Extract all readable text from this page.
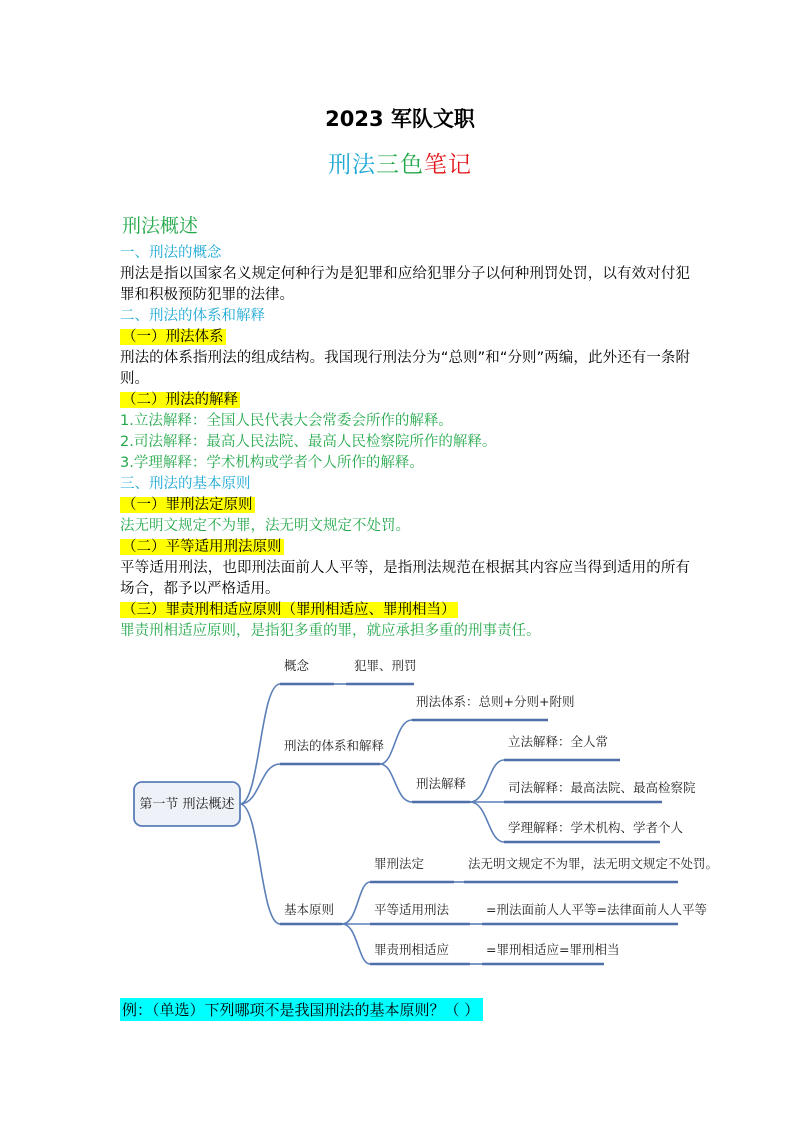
2023 军队文职
刑法三色笔记
刑法概述

一、刑法的概念

刑法是指以国家名义规定何种行为是犯罪和应给犯罪分子以何种刑罚处罚，以有效对付犯罪和积极预防犯罪的法律。

二、刑法的体系和解释

（一）刑法体系

刑法的体系指刑法的组成结构。我国现行刑法分为“总则”和“分则”两编，此外还有一条附则。

（二）刑法的解释

1.立法解释：全国人民代表大会常委会所作的解释。

2.司法解释：最高人民法院、最高人民检察院所作的解释。

3.学理解释：学术机构或学者个人所作的解释。

三、刑法的基本原则

（一）罪刑法定原则

法无明文规定不为罪，法无明文规定不处罚。

（二）平等适用刑法原则

平等适用刑法，也即刑法面前人人平等，是指刑法规范在根据其内容应当得到适用的所有场合，都予以严格适用。

（三）罪责刑相适应原则（罪刑相适应、罪刑相当）

罪责刑相适应原则，是指犯多重的罪，就应承担多重的刑事责任。

第一节 刑法概述
概念	犯罪、刑罚
刑法的体系和解释
刑法体系：总则+分则+附则
刑法解释
立法解释：全人常
司法解释：最高法院、最高检察院
学理解释：学术机构、学者个人
基本原则
罪刑法定	法无明文规定不为罪，法无明文规定不处罚。
平等适用刑法	=刑法面前人人平等=法律面前人人平等
罪责刑相适应	=罪刑相适应=罪刑相当
例：（单选）下列哪项不是我国刑法的基本原则？（ ）
